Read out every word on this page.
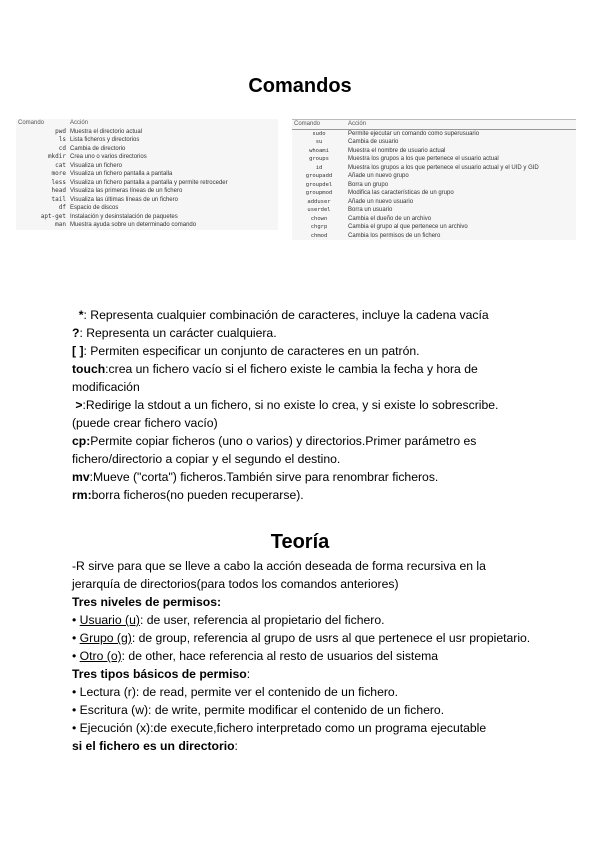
Comandos
Comando	Acción
pwd	Muestra el directorio actual
ls	Lista ficheros y directorios
cd	Cambia de directorio
mkdir	Crea uno o varios directorios
cat	Visualiza un fichero
more	Visualiza un fichero pantalla a pantalla
less	Visualiza un fichero pantalla a pantalla y permite retroceder
head	Visualiza las primeras líneas de un fichero
tail	Visualiza las últimas líneas de un fichero
df	Espacio de discos
apt-get	Instalación y desinstalación de paquetes
man	Muestra ayuda sobre un determinado comando
Comando	Acción
sudo	Permite ejecutar un comando como superusuario
su	Cambia de usuario
whoami	Muestra el nombre de usuario actual
groups	Muestra los grupos a los que pertenece el usuario actual
id	Muestra los grupos a los que pertenece el usuario actual y el UID y GID
groupadd	Añade un nuevo grupo
groupdel	Borra un grupo
groupmod	Modifica las características de un grupo
adduser	Añade un nuevo usuario
userdel	Borra un usuario
chown	Cambia el dueño de un archivo
chgrp	Cambia el grupo al que pertenece un archivo
chmod	Cambia los permisos de un fichero

*: Representa cualquier combinación de caracteres, incluye la cadena vacía

?: Representa un carácter cualquiera.

[ ]: Permiten especificar un conjunto de caracteres en un patrón.

touch:crea un fichero vacío si el fichero existe le cambia la fecha y hora de modificación

>:Redirige la stdout a un fichero, si no existe lo crea, y si existe lo sobrescribe.(puede crear fichero vacío)

cp:Permite copiar ficheros (uno o varios) y directorios.Primer parámetro es fichero/directorio a copiar y el segundo el destino.

mv:Mueve ("corta") ficheros.También sirve para renombrar ficheros.

rm:borra ficheros(no pueden recuperarse).

Teoría

-R sirve para que se lleve a cabo la acción deseada de forma recursiva en la jerarquía de directorios(para todos los comandos anteriores)

Tres niveles de permisos:

• Usuario (u): de user, referencia al propietario del fichero.

• Grupo (g): de group, referencia al grupo de usrs al que pertenece el usr propietario.

• Otro (o): de other, hace referencia al resto de usuarios del sistema

Tres tipos básicos de permiso:

• Lectura (r): de read, permite ver el contenido de un fichero.

• Escritura (w): de write, permite modificar el contenido de un fichero.

• Ejecución (x):de execute,fichero interpretado como un programa ejecutable

si el fichero es un directorio:
